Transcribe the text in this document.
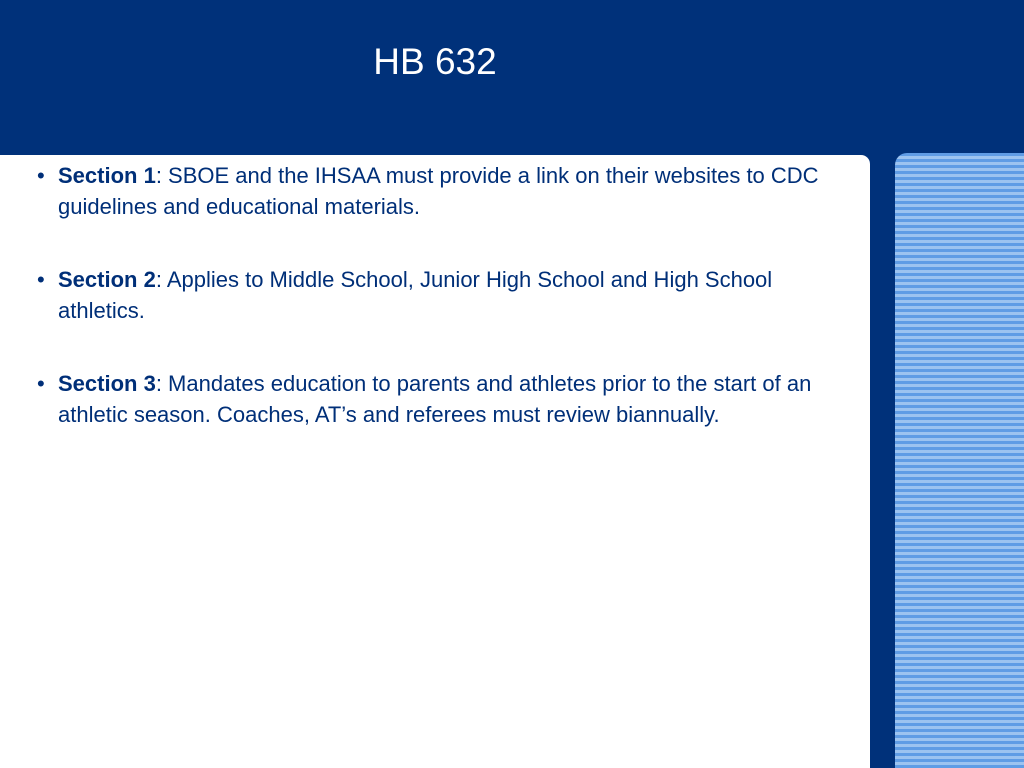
HB 632
• Section 1: SBOE and the IHSAA must provide a link on their websites to CDC guidelines and educational materials.
• Section 2: Applies to Middle School, Junior High School and High School athletics.
• Section 3: Mandates education to parents and athletes prior to the start of an athletic season. Coaches, AT’s and referees must review biannually.
